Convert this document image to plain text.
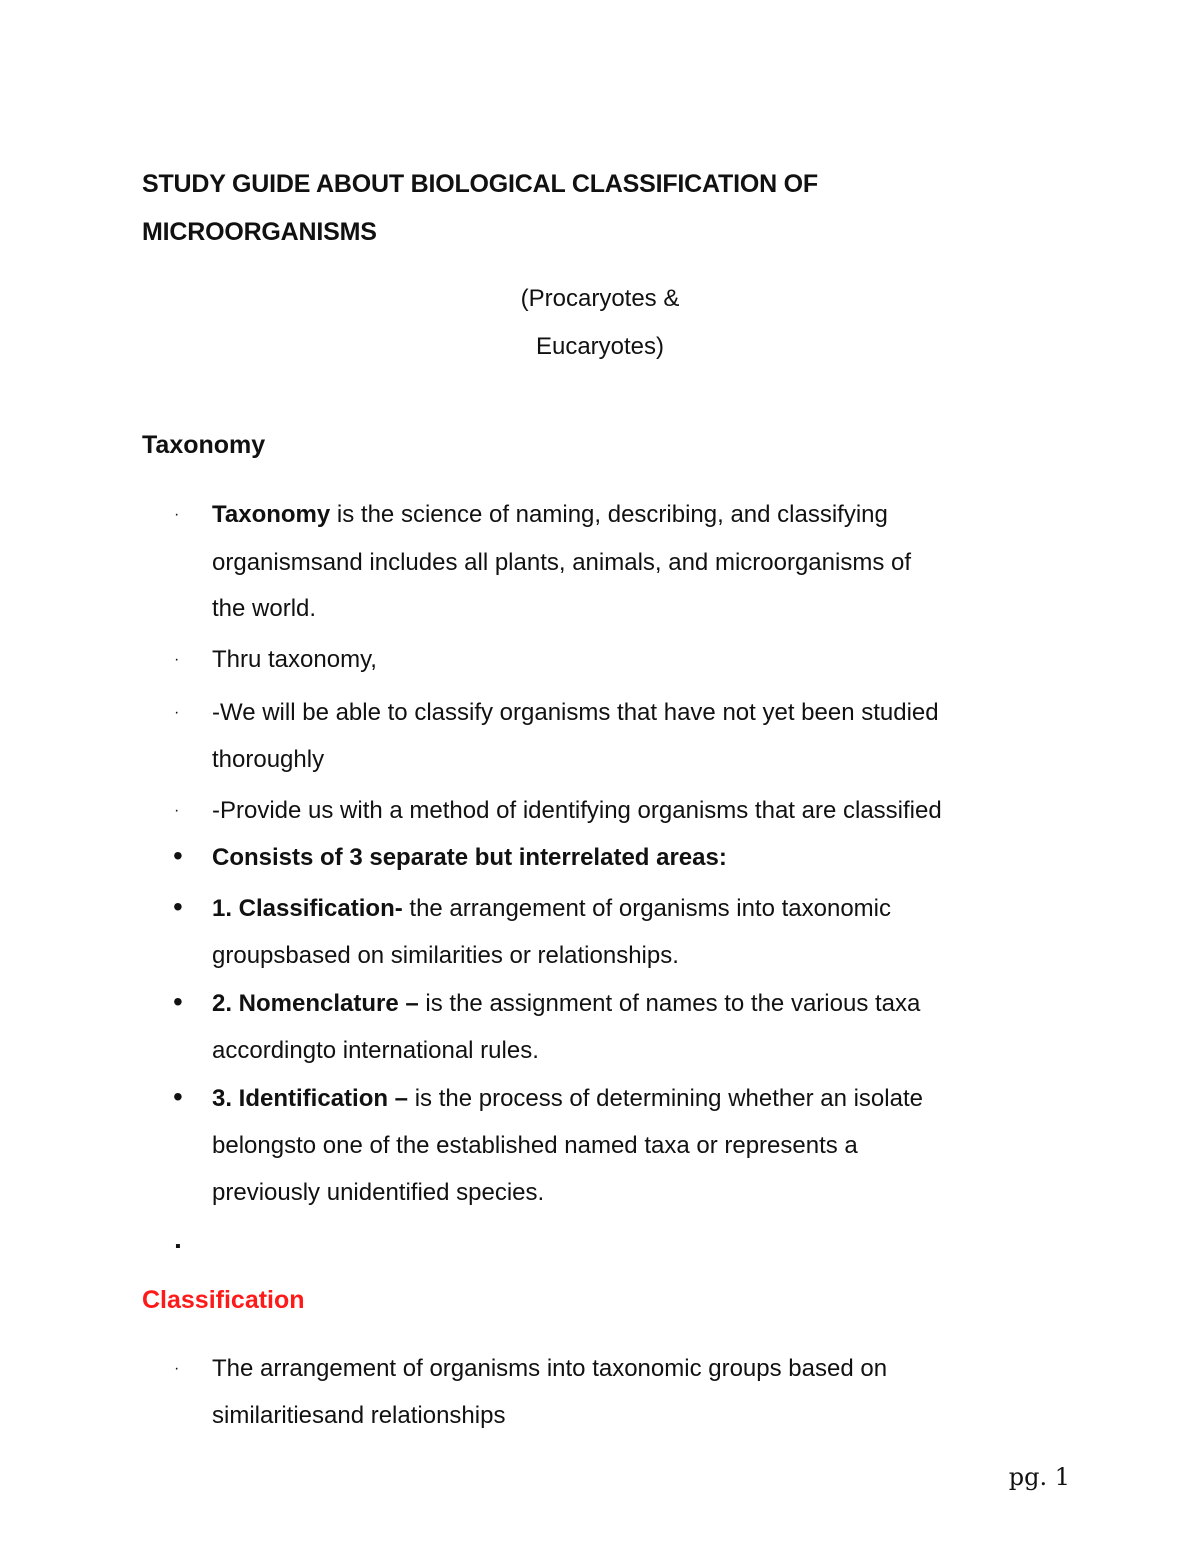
STUDY GUIDE ABOUT BIOLOGICAL CLASSIFICATION OF
MICROORGANISMS
(Procaryotes &
Eucaryotes)
Taxonomy
· Taxonomy is the science of naming, describing, and classifying
organismsand includes all plants, animals, and microorganisms of
the world.
· Thru taxonomy,
· -We will be able to classify organisms that have not yet been studied
thoroughly
· -Provide us with a method of identifying organisms that are classified
• Consists of 3 separate but interrelated areas:
• 1. Classification- the arrangement of organisms into taxonomic
groupsbased on similarities or relationships.
• 2. Nomenclature – is the assignment of names to the various taxa
accordingto international rules.
• 3. Identification – is the process of determining whether an isolate
belongsto one of the established named taxa or represents a
previously unidentified species.
▪
Classification
· The arrangement of organisms into taxonomic groups based on
similaritiesand relationships
pg. 1
